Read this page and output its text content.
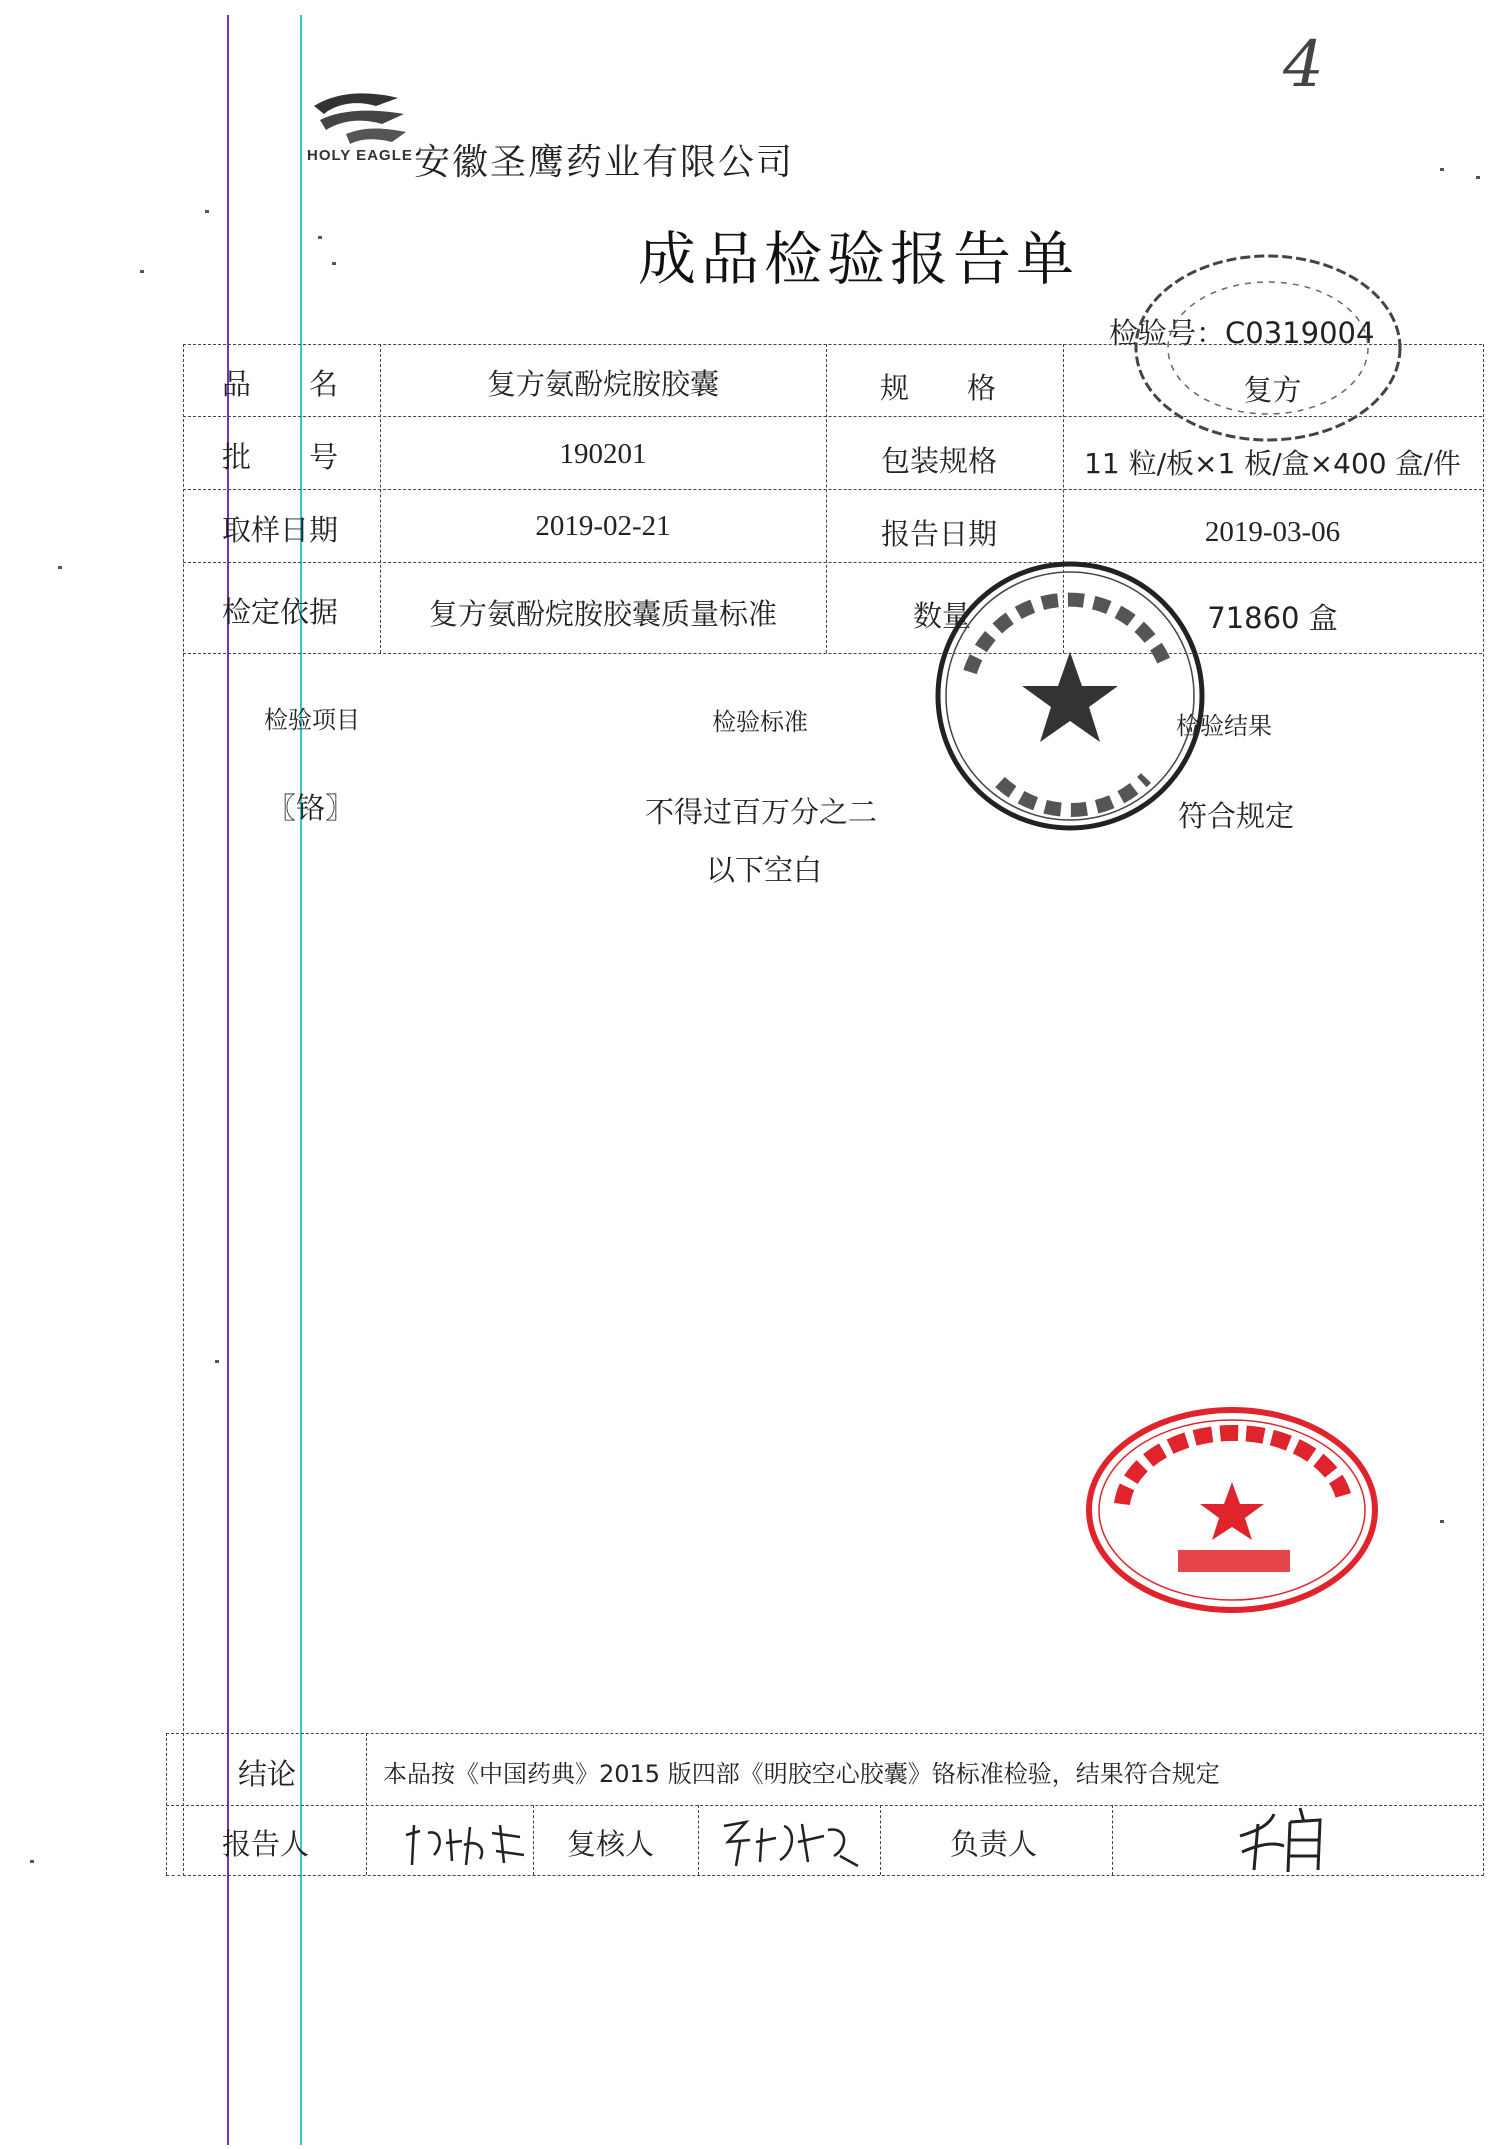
4
HOLY EAGLE 安徽圣鹰药业有限公司
成品检验报告单
检验号：C0319004
品　　名	复方氨酚烷胺胶囊	规　　格	复方
批　　号	190201	包装规格	11 粒/板×1 板/盒×400 盒/件
取样日期	2019-02-21	报告日期	2019-03-06
检定依据	复方氨酚烷胺胶囊质量标准	数量	71860 盒
检验项目	检验标准	检验结果
〖铬〗	不得过百万分之二	符合规定
以下空白
结论	本品按《中国药典》2015 版四部《明胶空心胶囊》铬标准检验，结果符合规定
报告人	复核人	负责人
